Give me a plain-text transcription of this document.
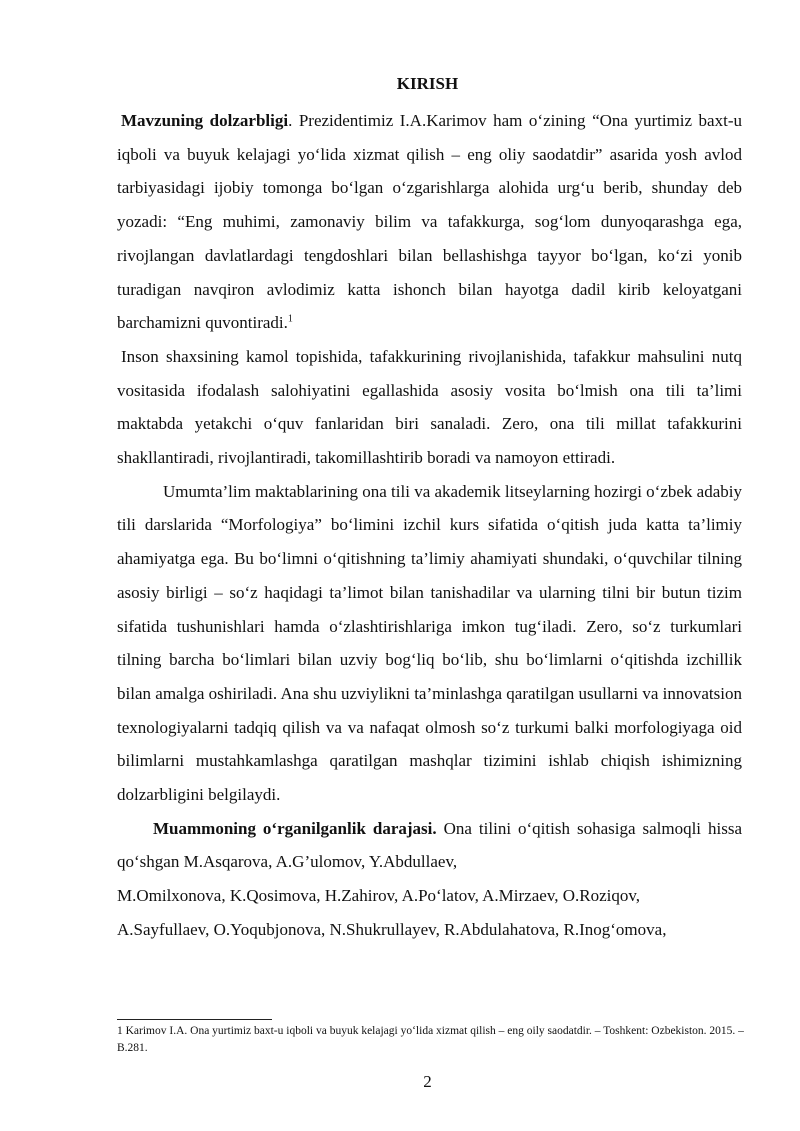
KIRISH

Mavzuning dolzarbligi. Prezidentimiz I.A.Karimov ham o‘zining “Ona yurtimiz baxt-u iqboli va buyuk kelajagi yo‘lida xizmat qilish – eng oliy saodatdir” asarida yosh avlod tarbiyasidagi ijobiy tomonga bo‘lgan o‘zgarishlarga alohida urg‘u berib, shunday deb yozadi: “Eng muhimi, zamonaviy bilim va tafakkurga, sog‘lom dunyoqarashga ega, rivojlangan davlatlardagi tengdoshlari bilan bellashishga tayyor bo‘lgan, ko‘zi yonib turadigan navqiron avlodimiz katta ishonch bilan hayotga dadil kirib keloyatgani barchamizni quvontiradi.$^1$

Inson shaxsining kamol topishida, tafakkurining rivojlanishida, tafakkur mahsulini nutq vositasida ifodalash salohiyatini egallashida asosiy vosita bo‘lmish ona tili ta’limi maktabda yetakchi o‘quv fanlaridan biri sanaladi. Zero, ona tili millat tafakkurini shakllantiradi, rivojlantiradi, takomillashtirib boradi va namoyon ettiradi.

Umumta’lim maktablarining ona tili va akademik litseylarning hozirgi o‘zbek adabiy tili darslarida “Morfologiya” bo‘limini izchil kurs sifatida o‘qitish juda katta ta’limiy ahamiyatga ega. Bu bo‘limni o‘qitishning ta’limiy ahamiyati shundaki, o‘quvchilar tilning asosiy birligi – so‘z haqidagi ta’limot bilan tanishadilar va ularning tilni bir butun tizim sifatida tushunishlari hamda o‘zlashtirishlariga imkon tug‘iladi. Zero, so‘z turkumlari tilning barcha bo‘limlari bilan uzviy bog‘liq bo‘lib, shu bo‘limlarni o‘qitishda izchillik bilan amalga oshiriladi. Ana shu uzviylikni ta’minlashga qaratilgan usullarni va innovatsion texnologiyalarni tadqiq qilish va va nafaqat olmosh so‘z turkumi balki morfologiyaga oid bilimlarni mustahkamlashga qaratilgan mashqlar tizimini ishlab chiqish ishimizning dolzarbligini belgilaydi.

Muammoning o‘rganilganlik darajasi. Ona tilini o‘qitish sohasiga salmoqli hissa qo‘shgan M.Asqarova, A.G’ulomov, Y.Abdullaev,

M.Omilxonova, K.Qosimova, H.Zahirov, A.Po‘latov, A.Mirzaev, O.Roziqov,
A.Sayfullaev, O.Yoqubjonova, N.Shukrullayev, R.Abdulahatova, R.Inog‘omova,
1 Karimov I.A. Ona yurtimiz baxt-u iqboli va buyuk kelajagi yo‘lida xizmat qilish – eng oily saodatdir. – Toshkent: Ozbekiston. 2015. –B.281.
2
